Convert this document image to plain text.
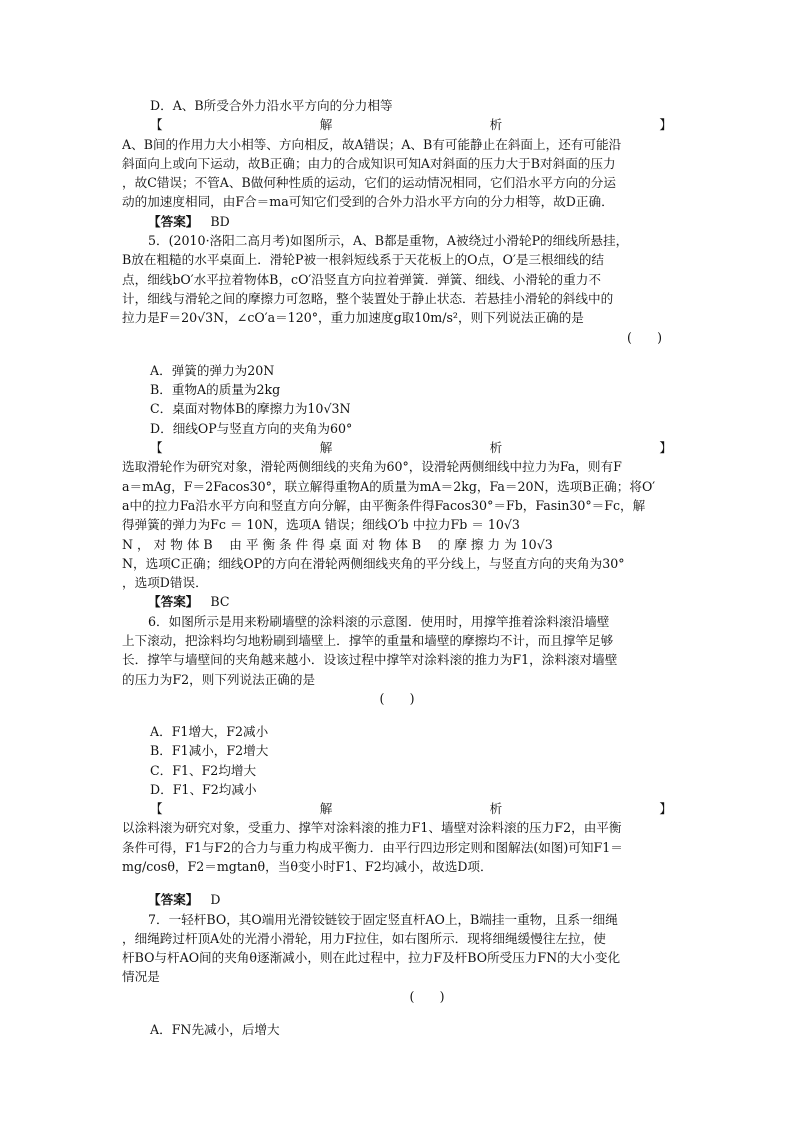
D．A、B所受合外力沿水平方向的分力相等
【	解	析	】
A、B间的作用力大小相等、方向相反，故A错误；A、B有可能静止在斜面上，还有可能沿
斜面向上或向下运动，故B正确；由力的合成知识可知A对斜面的压力大于B对斜面的压力
，故C错误；不管A、B做何种性质的运动，它们的运动情况相同，它们沿水平方向的分运
动的加速度相同，由F合＝ma可知它们受到的合外力沿水平方向的分力相等，故D正确．
【答案】 BD
5．(2010·洛阳二高月考)如图所示，A、B都是重物，A被绕过小滑轮P的细线所悬挂，
B放在粗糙的水平桌面上．滑轮P被一根斜短线系于天花板上的O点，O′是三根细线的结
点，细线bO′水平拉着物体B，cO′沿竖直方向拉着弹簧．弹簧、细线、小滑轮的重力不
计，细线与滑轮之间的摩擦力可忽略，整个装置处于静止状态．若悬挂小滑轮的斜线中的
拉力是F＝20√3N，∠cO′a＝120°，重力加速度g取10m/s²，则下列说法正确的是
(　　)
A．弹簧的弹力为20N
B．重物A的质量为2kg
C．桌面对物体B的摩擦力为10√3N
D．细线OP与竖直方向的夹角为60°
【	解	析	】
选取滑轮作为研究对象，滑轮两侧细线的夹角为60°，设滑轮两侧细线中拉力为Fa，则有F
a＝mAg，F＝2Facos30°，联立解得重物A的质量为mA＝2kg，Fa＝20N，选项B正确；将O′
a中的拉力Fa沿水平方向和竖直方向分解，由平衡条件得Facos30°＝Fb，Fasin30°＝Fc，解
得弹簧的弹力为Fc ＝ 10N，选项A 错误；细线O′b 中拉力Fb ＝ 10√3
N ， 对 物 体 B 　由 平 衡 条 件 得 桌 面 对 物 体 B 　的 摩 擦 力 为 10√3
N，选项C正确；细线OP的方向在滑轮两侧细线夹角的平分线上，与竖直方向的夹角为30°
，选项D错误．
【答案】 BC
6．如图所示是用来粉刷墙壁的涂料滚的示意图．使用时，用撑竿推着涂料滚沿墙壁
上下滚动，把涂料均匀地粉刷到墙壁上．撑竿的重量和墙壁的摩擦均不计，而且撑竿足够
长．撑竿与墙壁间的夹角越来越小．设该过程中撑竿对涂料滚的推力为F1，涂料滚对墙壁
的压力为F2，则下列说法正确的是
(　　)
A．F1增大，F2减小
B．F1减小，F2增大
C．F1、F2均增大
D．F1、F2均减小
【	解	析	】
以涂料滚为研究对象，受重力、撑竿对涂料滚的推力F1、墙壁对涂料滚的压力F2，由平衡
条件可得，F1与F2的合力与重力构成平衡力．由平行四边形定则和图解法(如图)可知F1＝
mg/cosθ，F2＝mgtanθ，当θ变小时F1、F2均减小，故选D项．
【答案】 D
7．一轻杆BO，其O端用光滑铰链铰于固定竖直杆AO上，B端挂一重物，且系一细绳
，细绳跨过杆顶A处的光滑小滑轮，用力F拉住，如右图所示．现将细绳缓慢往左拉，使
杆BO与杆AO间的夹角θ逐渐减小，则在此过程中，拉力F及杆BO所受压力FN的大小变化
情况是
(　　)
A．FN先减小，后增大
